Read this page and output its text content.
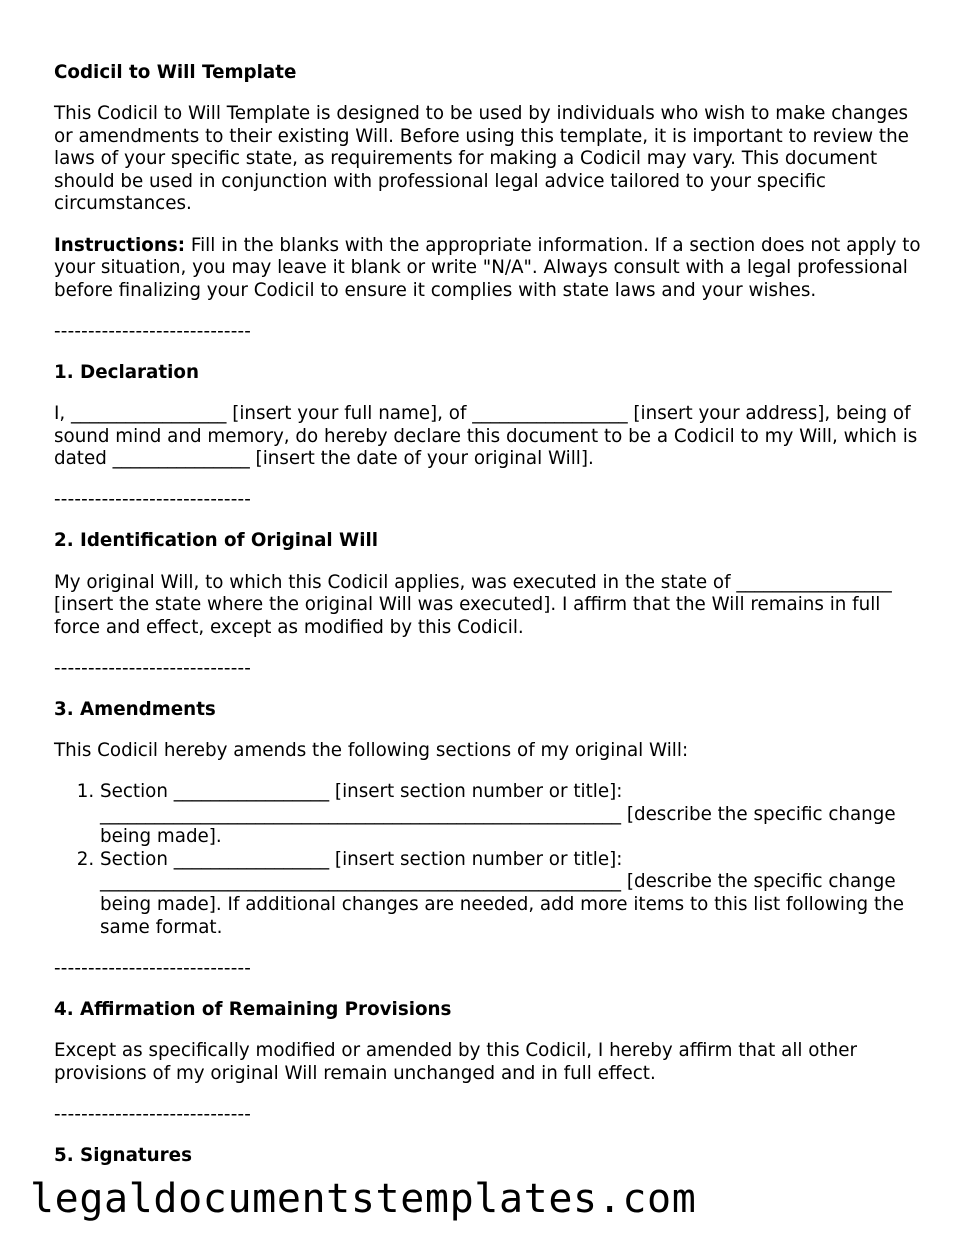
Codicil to Will Template

This Codicil to Will Template is designed to be used by individuals who wish to make changes or amendments to their existing Will. Before using this template, it is important to review the laws of your specific state, as requirements for making a Codicil may vary. This document should be used in conjunction with professional legal advice tailored to your specific circumstances.

Instructions: Fill in the blanks with the appropriate information. If a section does not apply to your situation, you may leave it blank or write "N/A". Always consult with a legal professional before finalizing your Codicil to ensure it complies with state laws and your wishes.

-----------------------------
1. Declaration

I, _________________ [insert your full name], of _________________ [insert your address], being of sound mind and memory, do hereby declare this document to be a Codicil to my Will, which is dated _______________ [insert the date of your original Will].

-----------------------------
2. Identification of Original Will

My original Will, to which this Codicil applies, was executed in the state of _________________ [insert the state where the original Will was executed]. I affirm that the Will remains in full force and effect, except as modified by this Codicil.

-----------------------------
3. Amendments

This Codicil hereby amends the following sections of my original Will:

1. Section _________________ [insert section number or title]: _________________________________________________________ [describe the specific change being made].
2. Section _________________ [insert section number or title]: _________________________________________________________ [describe the specific change being made]. If additional changes are needed, add more items to this list following the same format.
-----------------------------
4. Affirmation of Remaining Provisions

Except as specifically modified or amended by this Codicil, I hereby affirm that all other provisions of my original Will remain unchanged and in full effect.

-----------------------------
5. Signatures
legaldocumentstemplates.com
